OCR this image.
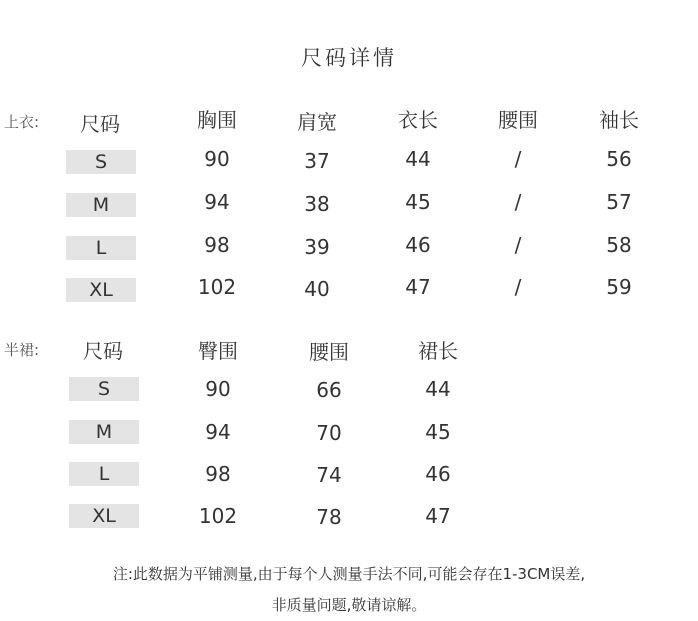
尺码详情
上衣:	尺码	胸围	肩宽	衣长	腰围	袖长
S	90	37	44	/	56
M	94	38	45	/	57
L	98	39	46	/	58
XL	102	40	47	/	59
半裙:	尺码	臀围	腰围	裙长
S	90	66	44
M	94	70	45
L	98	74	46
XL	102	78	47
注:此数据为平铺测量,由于每个人测量手法不同,可能会存在1-3CM误差,
非质量问题,敬请谅解。
